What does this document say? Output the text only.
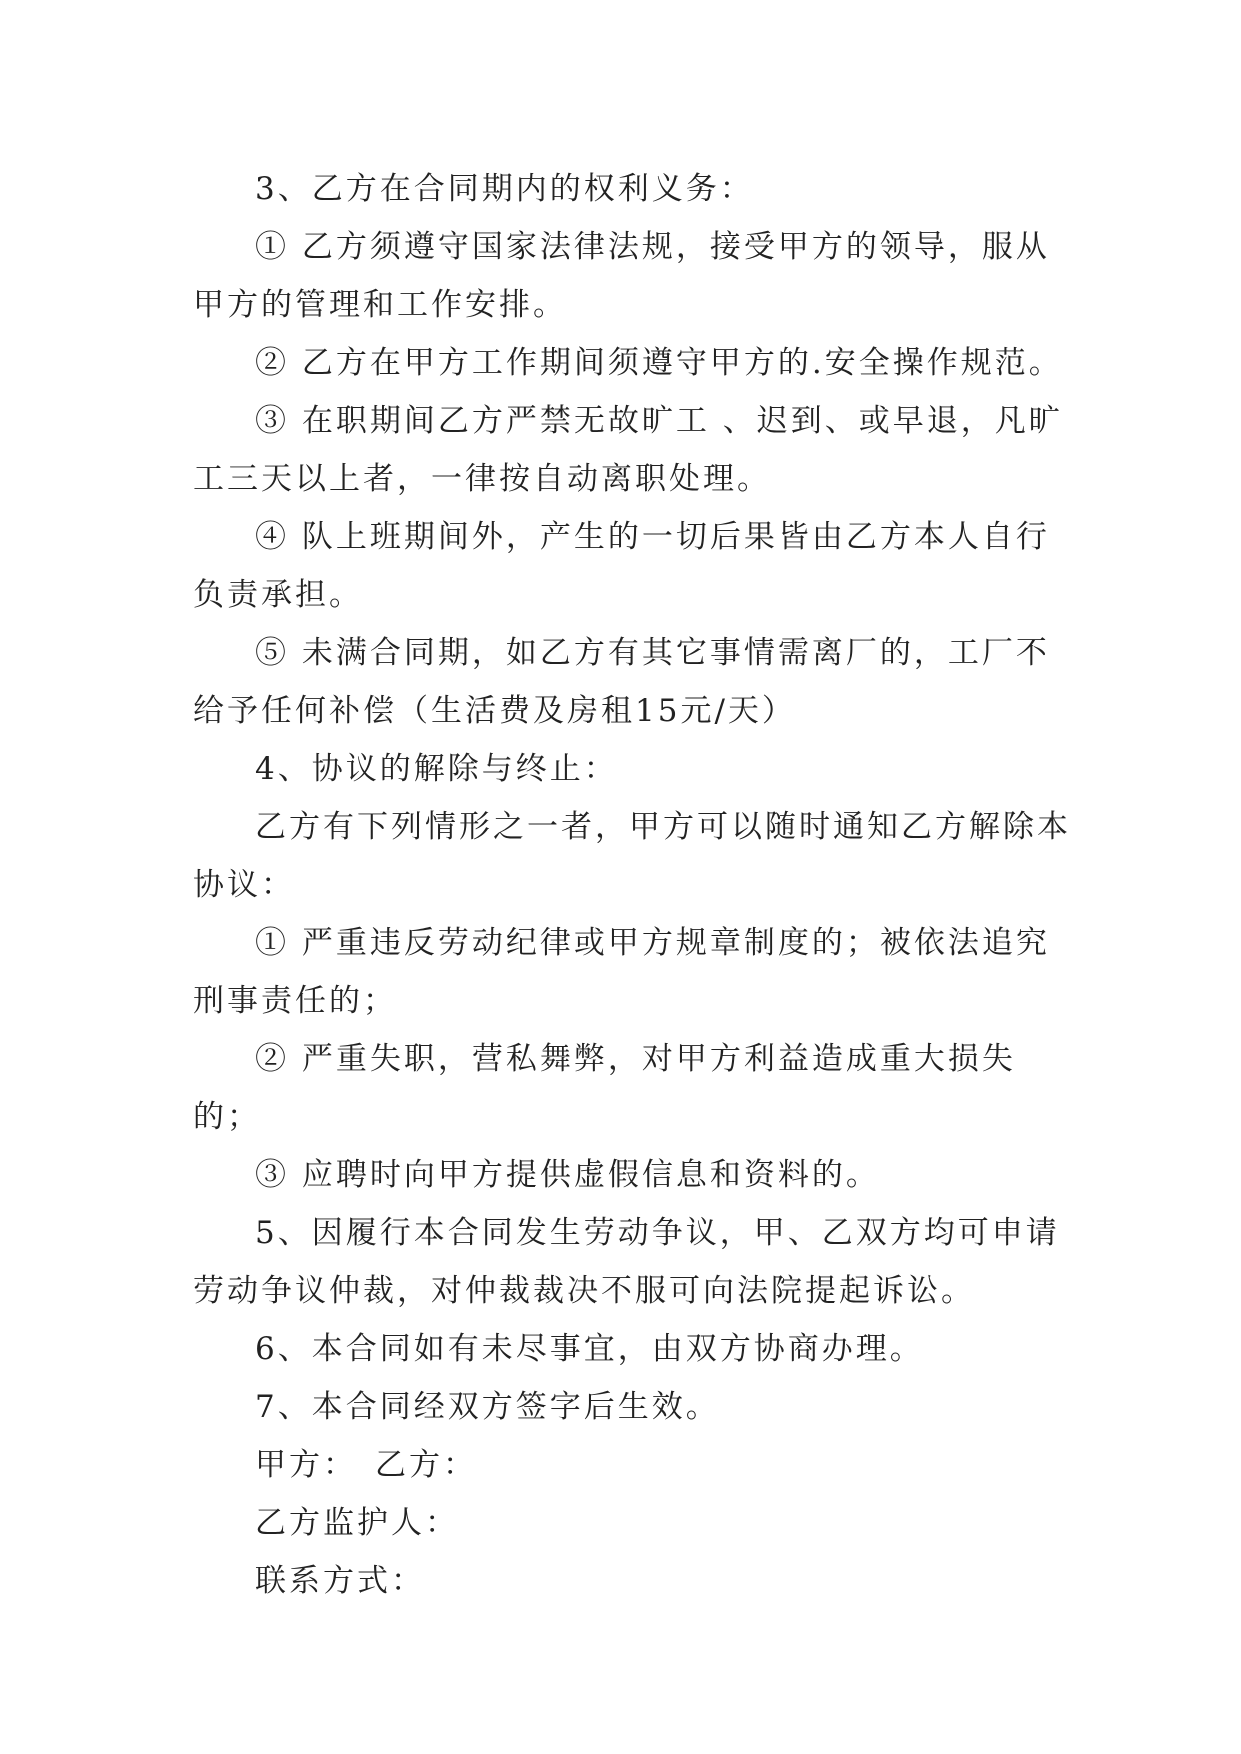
3、乙方在合同期内的权利义务：

① 乙方须遵守国家法律法规，接受甲方的领导，服从甲方的管理和工作安排。

② 乙方在甲方工作期间须遵守甲方的.安全操作规范。

③ 在职期间乙方严禁无故旷工 、迟到、或早退，凡旷工三天以上者，一律按自动离职处理。

④ 队上班期间外，产生的一切后果皆由乙方本人自行负责承担。

⑤ 未满合同期，如乙方有其它事情需离厂的，工厂不给予任何补偿（生活费及房租15元/天）

4、协议的解除与终止：

乙方有下列情形之一者，甲方可以随时通知乙方解除本协议：

① 严重违反劳动纪律或甲方规章制度的；被依法追究刑事责任的；

② 严重失职，营私舞弊，对甲方利益造成重大损失的；

③ 应聘时向甲方提供虚假信息和资料的。

5、因履行本合同发生劳动争议，甲、乙双方均可申请劳动争议仲裁，对仲裁裁决不服可向法院提起诉讼。

6、本合同如有未尽事宜，由双方协商办理。

7、本合同经双方签字后生效。

甲方： 乙方：

乙方监护人：

联系方式：
